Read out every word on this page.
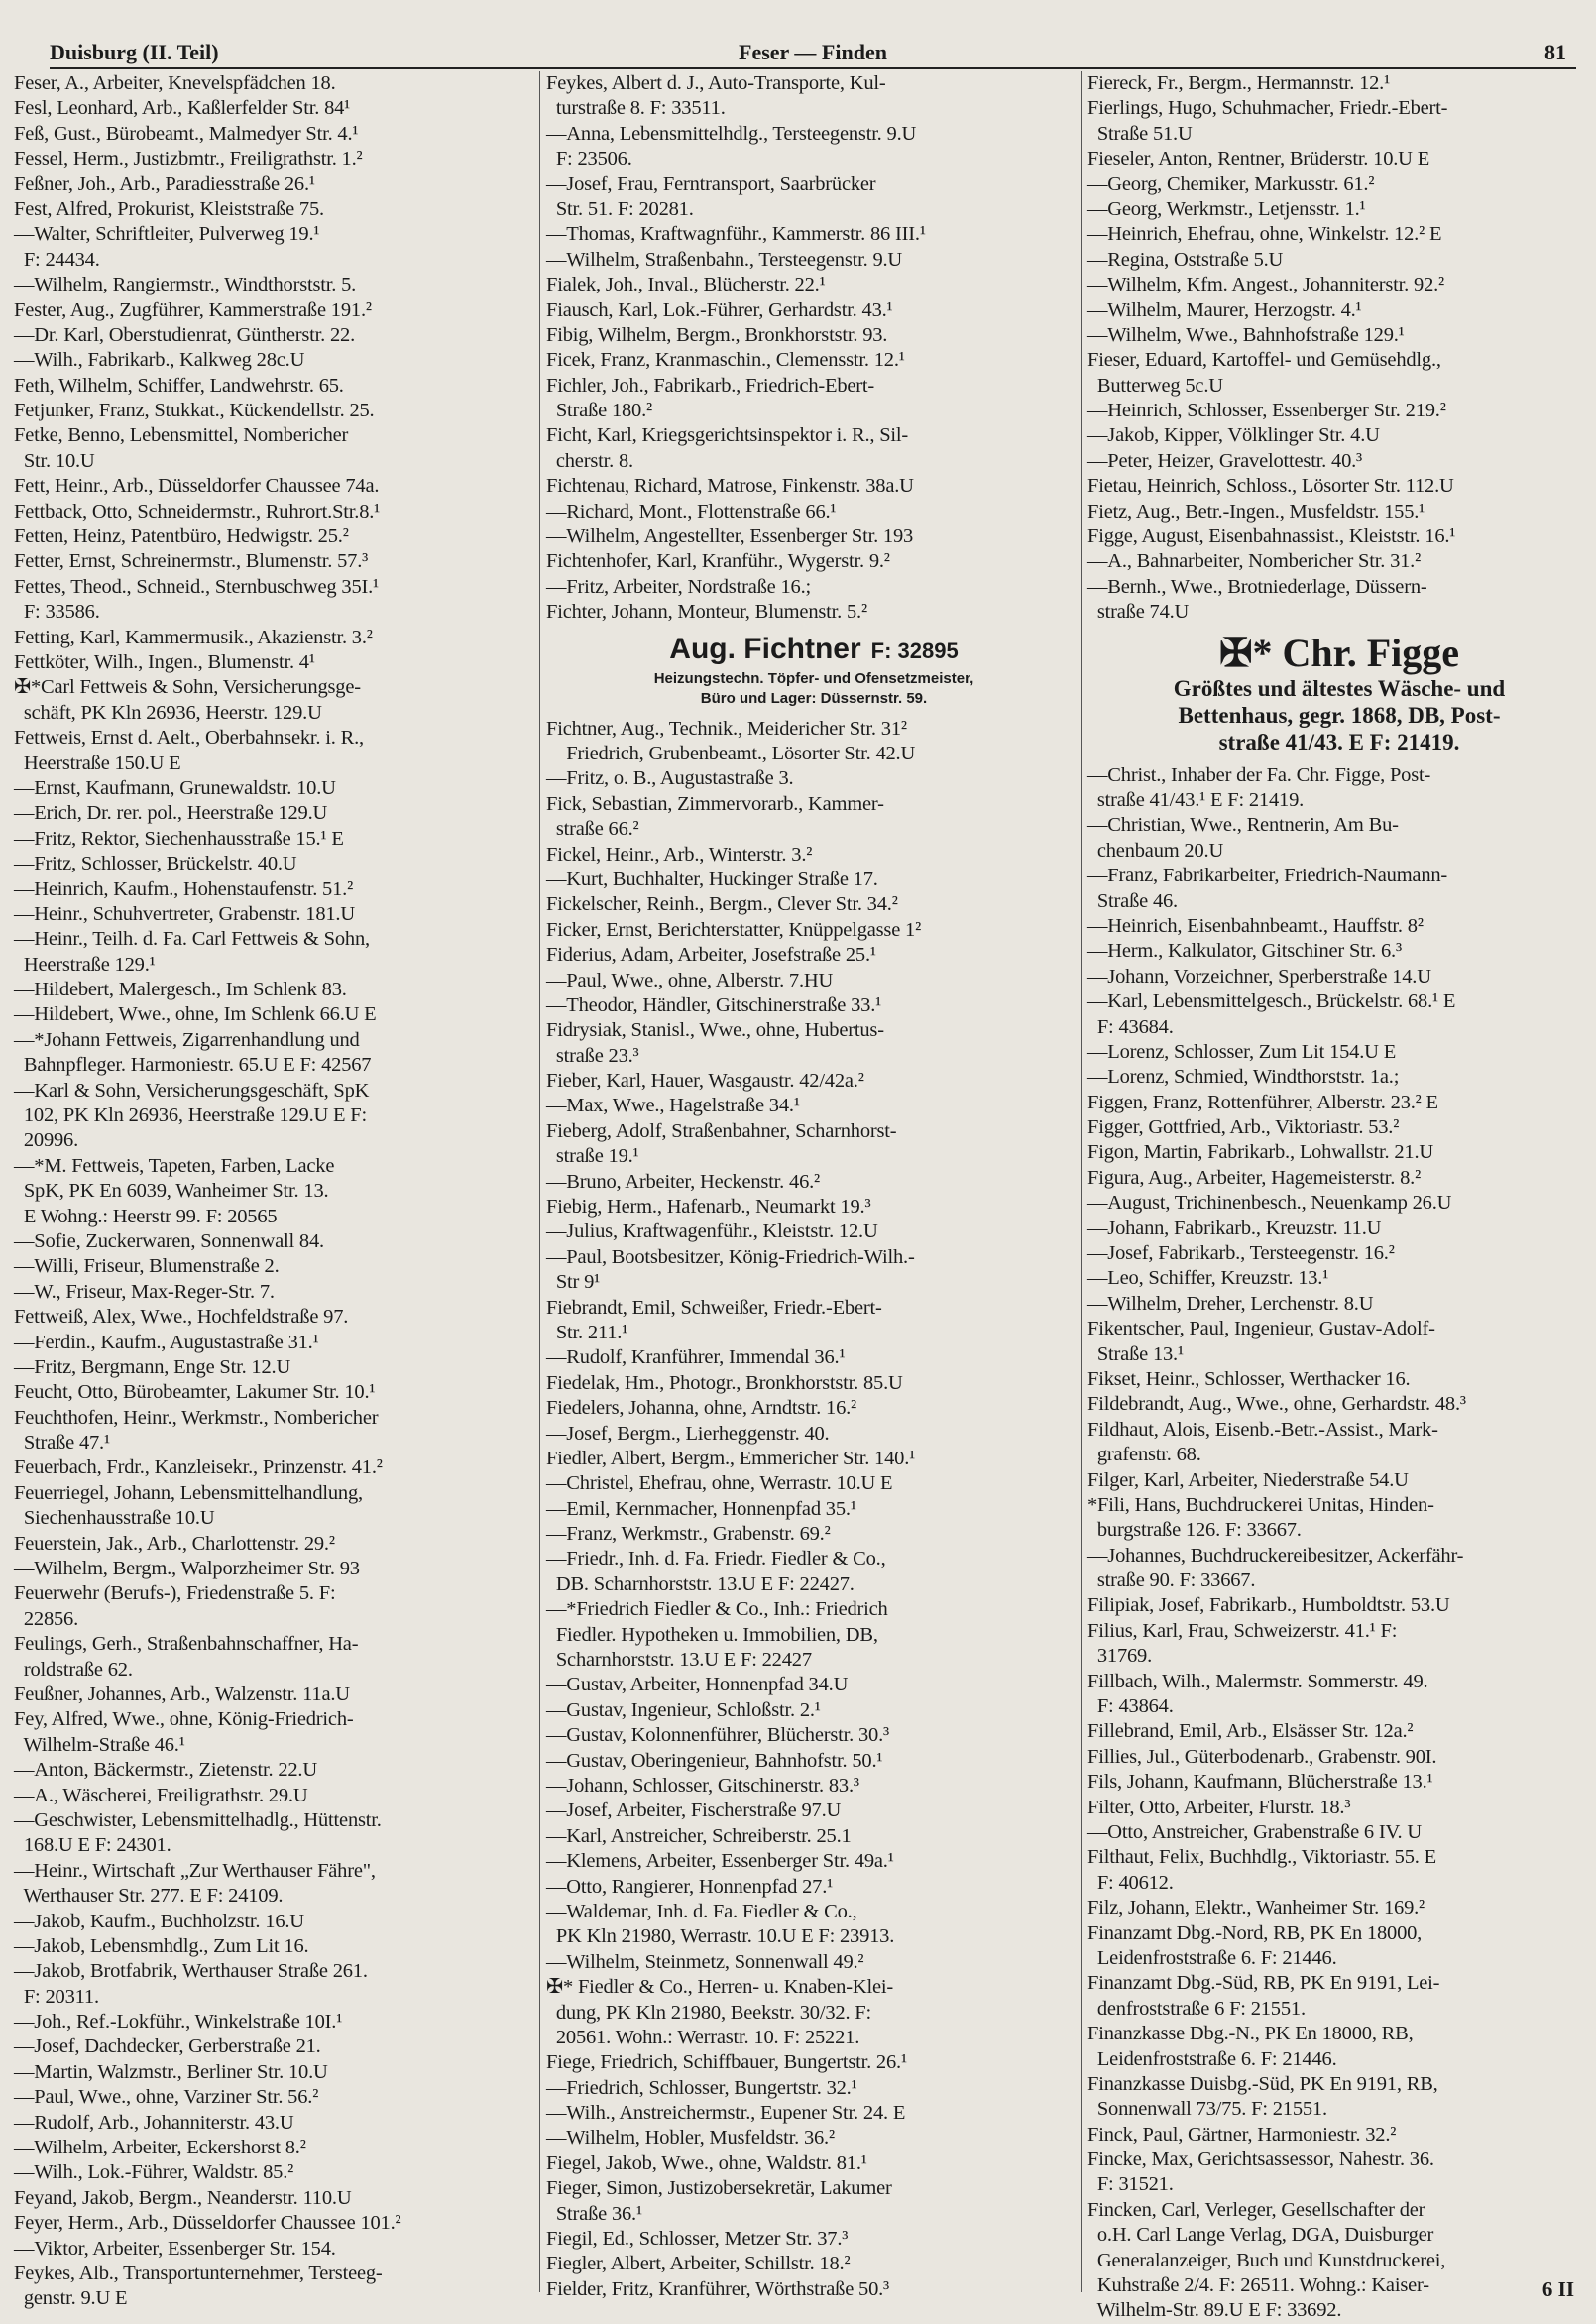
Duisburg (II. Teil)	Feser — Finden	81
Feser, A., Arbeiter, Knevelspfädchen 18.
Fesl, Leonhard, Arb., Kaßlerfelder Str. 84¹
Feß, Gust., Bürobeamt., Malmedyer Str. 4.¹
Fessel, Herm., Justizbmtr., Freiligrathstr. 1.²
Feßner, Joh., Arb., Paradiesstraße 26.¹
Fest, Alfred, Prokurist, Kleiststraße 75.
—Walter, Schriftleiter, Pulverweg 19.¹
F: 24434.
—Wilhelm, Rangiermstr., Windthorststr. 5.
Fester, Aug., Zugführer, Kammerstraße 191.²
—Dr. Karl, Oberstudienrat, Güntherstr. 22.
—Wilh., Fabrikarb., Kalkweg 28c.U
Feth, Wilhelm, Schiffer, Landwehrstr. 65.
Fetjunker, Franz, Stukkat., Kückendellstr. 25.
Fetke, Benno, Lebensmittel, Nombericher
Str. 10.U
Fett, Heinr., Arb., Düsseldorfer Chaussee 74a.
Fettback, Otto, Schneidermstr., Ruhrort.Str.8.¹
Fetten, Heinz, Patentbüro, Hedwigstr. 25.²
Fetter, Ernst, Schreinermstr., Blumenstr. 57.³
Fettes, Theod., Schneid., Sternbuschweg 35I.¹
F: 33586.
Fetting, Karl, Kammermusik., Akazienstr. 3.²
Fettköter, Wilh., Ingen., Blumenstr. 4¹
✠*Carl Fettweis & Sohn, Versicherungsge-
schäft, PK Kln 26936, Heerstr. 129.U
Fettweis, Ernst d. Aelt., Oberbahnsekr. i. R.,
Heerstraße 150.U E
—Ernst, Kaufmann, Grunewaldstr. 10.U
—Erich, Dr. rer. pol., Heerstraße 129.U
—Fritz, Rektor, Siechenhausstraße 15.¹ E
—Fritz, Schlosser, Brückelstr. 40.U
—Heinrich, Kaufm., Hohenstaufenstr. 51.²
—Heinr., Schuhvertreter, Grabenstr. 181.U
—Heinr., Teilh. d. Fa. Carl Fettweis & Sohn,
Heerstraße 129.¹
—Hildebert, Malergesch., Im Schlenk 83.
—Hildebert, Wwe., ohne, Im Schlenk 66.U E
—*Johann Fettweis, Zigarrenhandlung und
Bahnpfleger. Harmoniestr. 65.U E F: 42567
—Karl & Sohn, Versicherungsgeschäft, SpK
102, PK Kln 26936, Heerstraße 129.U E F:
20996.
—*M. Fettweis, Tapeten, Farben, Lacke
SpK, PK En 6039, Wanheimer Str. 13.
E Wohng.: Heerstr 99. F: 20565
—Sofie, Zuckerwaren, Sonnenwall 84.
—Willi, Friseur, Blumenstraße 2.
—W., Friseur, Max-Reger-Str. 7.
Fettweiß, Alex, Wwe., Hochfeldstraße 97.
—Ferdin., Kaufm., Augustastraße 31.¹
—Fritz, Bergmann, Enge Str. 12.U
Feucht, Otto, Bürobeamter, Lakumer Str. 10.¹
Feuchthofen, Heinr., Werkmstr., Nombericher
Straße 47.¹
Feuerbach, Frdr., Kanzleisekr., Prinzenstr. 41.²
Feuerriegel, Johann, Lebensmittelhandlung,
Siechenhausstraße 10.U
Feuerstein, Jak., Arb., Charlottenstr. 29.²
—Wilhelm, Bergm., Walporzheimer Str. 93
Feuerwehr (Berufs-), Friedenstraße 5. F:
22856.
Feulings, Gerh., Straßenbahnschaffner, Ha-
roldstraße 62.
Feußner, Johannes, Arb., Walzenstr. 11a.U
Fey, Alfred, Wwe., ohne, König-Friedrich-
Wilhelm-Straße 46.¹
—Anton, Bäckermstr., Zietenstr. 22.U
—A., Wäscherei, Freiligrathstr. 29.U
—Geschwister, Lebensmittelhadlg., Hüttenstr.
168.U E F: 24301.
—Heinr., Wirtschaft „Zur Werthauser Fähre",
Werthauser Str. 277. E F: 24109.
—Jakob, Kaufm., Buchholzstr. 16.U
—Jakob, Lebensmhdlg., Zum Lit 16.
—Jakob, Brotfabrik, Werthauser Straße 261.
F: 20311.
—Joh., Ref.-Lokführ., Winkelstraße 10I.¹
—Josef, Dachdecker, Gerberstraße 21.
—Martin, Walzmstr., Berliner Str. 10.U
—Paul, Wwe., ohne, Varziner Str. 56.²
—Rudolf, Arb., Johanniterstr. 43.U
—Wilhelm, Arbeiter, Eckershorst 8.²
—Wilh., Lok.-Führer, Waldstr. 85.²
Feyand, Jakob, Bergm., Neanderstr. 110.U
Feyer, Herm., Arb., Düsseldorfer Chaussee 101.²
—Viktor, Arbeiter, Essenberger Str. 154.
Feykes, Alb., Transportunternehmer, Tersteeg-
genstr. 9.U E
Feykes, Albert d. J., Auto-Transporte, Kul-
turstraße 8. F: 33511.
—Anna, Lebensmittelhdlg., Tersteegenstr. 9.U
F: 23506.
—Josef, Frau, Ferntransport, Saarbrücker
Str. 51. F: 20281.
—Thomas, Kraftwagnführ., Kammerstr. 86 III.¹
—Wilhelm, Straßenbahn., Tersteegenstr. 9.U
Fialek, Joh., Inval., Blücherstr. 22.¹
Fiausch, Karl, Lok.-Führer, Gerhardstr. 43.¹
Fibig, Wilhelm, Bergm., Bronkhorststr. 93.
Ficek, Franz, Kranmaschin., Clemensstr. 12.¹
Fichler, Joh., Fabrikarb., Friedrich-Ebert-
Straße 180.²
Ficht, Karl, Kriegsgerichtsinspektor i. R., Sil-
cherstr. 8.
Fichtenau, Richard, Matrose, Finkenstr. 38a.U
—Richard, Mont., Flottenstraße 66.¹
—Wilhelm, Angestellter, Essenberger Str. 193
Fichtenhofer, Karl, Kranführ., Wygerstr. 9.²
—Fritz, Arbeiter, Nordstraße 16.;
Fichter, Johann, Monteur, Blumenstr. 5.²
Aug. Fichtner F: 32895
Heizungstechn. Töpfer- und Ofensetzmeister,
Büro und Lager: Düssernstr. 59.
Fichtner, Aug., Technik., Meidericher Str. 31²
—Friedrich, Grubenbeamt., Lösorter Str. 42.U
—Fritz, o. B., Augustastraße 3.
Fick, Sebastian, Zimmervorarb., Kammer-
straße 66.²
Fickel, Heinr., Arb., Winterstr. 3.²
—Kurt, Buchhalter, Huckinger Straße 17.
Fickelscher, Reinh., Bergm., Clever Str. 34.²
Ficker, Ernst, Berichterstatter, Knüppelgasse 1²
Fiderius, Adam, Arbeiter, Josefstraße 25.¹
—Paul, Wwe., ohne, Alberstr. 7.HU
—Theodor, Händler, Gitschinerstraße 33.¹
Fidrysiak, Stanisl., Wwe., ohne, Hubertus-
straße 23.³
Fieber, Karl, Hauer, Wasgaustr. 42/42a.²
—Max, Wwe., Hagelstraße 34.¹
Fieberg, Adolf, Straßenbahner, Scharnhorst-
straße 19.¹
—Bruno, Arbeiter, Heckenstr. 46.²
Fiebig, Herm., Hafenarb., Neumarkt 19.³
—Julius, Kraftwagenführ., Kleiststr. 12.U
—Paul, Bootsbesitzer, König-Friedrich-Wilh.-
Str 9¹
Fiebrandt, Emil, Schweißer, Friedr.-Ebert-
Str. 211.¹
—Rudolf, Kranführer, Immendal 36.¹
Fiedelak, Hm., Photogr., Bronkhorststr. 85.U
Fiedelers, Johanna, ohne, Arndtstr. 16.²
—Josef, Bergm., Lierheggenstr. 40.
Fiedler, Albert, Bergm., Emmericher Str. 140.¹
—Christel, Ehefrau, ohne, Werrastr. 10.U E
—Emil, Kernmacher, Honnenpfad 35.¹
—Franz, Werkmstr., Grabenstr. 69.²
—Friedr., Inh. d. Fa. Friedr. Fiedler & Co.,
DB. Scharnhorststr. 13.U E F: 22427.
—*Friedrich Fiedler & Co., Inh.: Friedrich
Fiedler. Hypotheken u. Immobilien, DB,
Scharnhorststr. 13.U E F: 22427
—Gustav, Arbeiter, Honnenpfad 34.U
—Gustav, Ingenieur, Schloßstr. 2.¹
—Gustav, Kolonnenführer, Blücherstr. 30.³
—Gustav, Oberingenieur, Bahnhofstr. 50.¹
—Johann, Schlosser, Gitschinerstr. 83.³
—Josef, Arbeiter, Fischerstraße 97.U
—Karl, Anstreicher, Schreiberstr. 25.1
—Klemens, Arbeiter, Essenberger Str. 49a.¹
—Otto, Rangierer, Honnenpfad 27.¹
—Waldemar, Inh. d. Fa. Fiedler & Co.,
PK Kln 21980, Werrastr. 10.U E F: 23913.
—Wilhelm, Steinmetz, Sonnenwall 49.²
✠* Fiedler & Co., Herren- u. Knaben-Klei-
dung, PK Kln 21980, Beekstr. 30/32. F:
20561. Wohn.: Werrastr. 10. F: 25221.
Fiege, Friedrich, Schiffbauer, Bungertstr. 26.¹
—Friedrich, Schlosser, Bungertstr. 32.¹
—Wilh., Anstreichermstr., Eupener Str. 24. E
—Wilhelm, Hobler, Musfeldstr. 36.²
Fiegel, Jakob, Wwe., ohne, Waldstr. 81.¹
Fieger, Simon, Justizobersekretär, Lakumer
Straße 36.¹
Fiegil, Ed., Schlosser, Metzer Str. 37.³
Fiegler, Albert, Arbeiter, Schillstr. 18.²
Fielder, Fritz, Kranführer, Wörthstraße 50.³
Fiereck, Fr., Bergm., Hermannstr. 12.¹
Fierlings, Hugo, Schuhmacher, Friedr.-Ebert-
Straße 51.U
Fieseler, Anton, Rentner, Brüderstr. 10.U E
—Georg, Chemiker, Markusstr. 61.²
—Georg, Werkmstr., Letjensstr. 1.¹
—Heinrich, Ehefrau, ohne, Winkelstr. 12.² E
—Regina, Oststraße 5.U
—Wilhelm, Kfm. Angest., Johanniterstr. 92.²
—Wilhelm, Maurer, Herzogstr. 4.¹
—Wilhelm, Wwe., Bahnhofstraße 129.¹
Fieser, Eduard, Kartoffel- und Gemüsehdlg.,
Butterweg 5c.U
—Heinrich, Schlosser, Essenberger Str. 219.²
—Jakob, Kipper, Völklinger Str. 4.U
—Peter, Heizer, Gravelottestr. 40.³
Fietau, Heinrich, Schloss., Lösorter Str. 112.U
Fietz, Aug., Betr.-Ingen., Musfeldstr. 155.¹
Figge, August, Eisenbahnassist., Kleiststr. 16.¹
—A., Bahnarbeiter, Nombericher Str. 31.²
—Bernh., Wwe., Brotniederlage, Düssern-
straße 74.U
✠* Chr. Figge
Größtes und ältestes Wäsche- und
Bettenhaus, gegr. 1868, DB, Post-
straße 41/43. E F: 21419.
—Christ., Inhaber der Fa. Chr. Figge, Post-
straße 41/43.¹ E F: 21419.
—Christian, Wwe., Rentnerin, Am Bu-
chenbaum 20.U
—Franz, Fabrikarbeiter, Friedrich-Naumann-
Straße 46.
—Heinrich, Eisenbahnbeamt., Hauffstr. 8²
—Herm., Kalkulator, Gitschiner Str. 6.³
—Johann, Vorzeichner, Sperberstraße 14.U
—Karl, Lebensmittelgesch., Brückelstr. 68.¹ E
F: 43684.
—Lorenz, Schlosser, Zum Lit 154.U E
—Lorenz, Schmied, Windthorststr. 1a.;
Figgen, Franz, Rottenführer, Alberstr. 23.² E
Figger, Gottfried, Arb., Viktoriastr. 53.²
Figon, Martin, Fabrikarb., Lohwallstr. 21.U
Figura, Aug., Arbeiter, Hagemeisterstr. 8.²
—August, Trichinenbesch., Neuenkamp 26.U
—Johann, Fabrikarb., Kreuzstr. 11.U
—Josef, Fabrikarb., Tersteegenstr. 16.²
—Leo, Schiffer, Kreuzstr. 13.¹
—Wilhelm, Dreher, Lerchenstr. 8.U
Fikentscher, Paul, Ingenieur, Gustav-Adolf-
Straße 13.¹
Fikset, Heinr., Schlosser, Werthacker 16.
Fildebrandt, Aug., Wwe., ohne, Gerhardstr. 48.³
Fildhaut, Alois, Eisenb.-Betr.-Assist., Mark-
grafenstr. 68.
Filger, Karl, Arbeiter, Niederstraße 54.U
*Fili, Hans, Buchdruckerei Unitas, Hinden-
burgstraße 126. F: 33667.
—Johannes, Buchdruckereibesitzer, Ackerfähr-
straße 90. F: 33667.
Filipiak, Josef, Fabrikarb., Humboldtstr. 53.U
Filius, Karl, Frau, Schweizerstr. 41.¹ F:
31769.
Fillbach, Wilh., Malermstr. Sommerstr. 49.
F: 43864.
Fillebrand, Emil, Arb., Elsässer Str. 12a.²
Fillies, Jul., Güterbodenarb., Grabenstr. 90I.
Fils, Johann, Kaufmann, Blücherstraße 13.¹
Filter, Otto, Arbeiter, Flurstr. 18.³
—Otto, Anstreicher, Grabenstraße 6 IV. U
Filthaut, Felix, Buchhdlg., Viktoriastr. 55. E
F: 40612.
Filz, Johann, Elektr., Wanheimer Str. 169.²
Finanzamt Dbg.-Nord, RB, PK En 18000,
Leidenfroststraße 6. F: 21446.
Finanzamt Dbg.-Süd, RB, PK En 9191, Lei-
denfroststraße 6 F: 21551.
Finanzkasse Dbg.-N., PK En 18000, RB,
Leidenfroststraße 6. F: 21446.
Finanzkasse Duisbg.-Süd, PK En 9191, RB,
Sonnenwall 73/75. F: 21551.
Finck, Paul, Gärtner, Harmoniestr. 32.²
Fincke, Max, Gerichtsassessor, Nahestr. 36.
F: 31521.
Fincken, Carl, Verleger, Gesellschafter der
o.H. Carl Lange Verlag, DGA, Duisburger
Generalanzeiger, Buch und Kunstdruckerei,
Kuhstraße 2/4. F: 26511. Wohng.: Kaiser-
Wilhelm-Str. 89.U E F: 33692.
6 II
